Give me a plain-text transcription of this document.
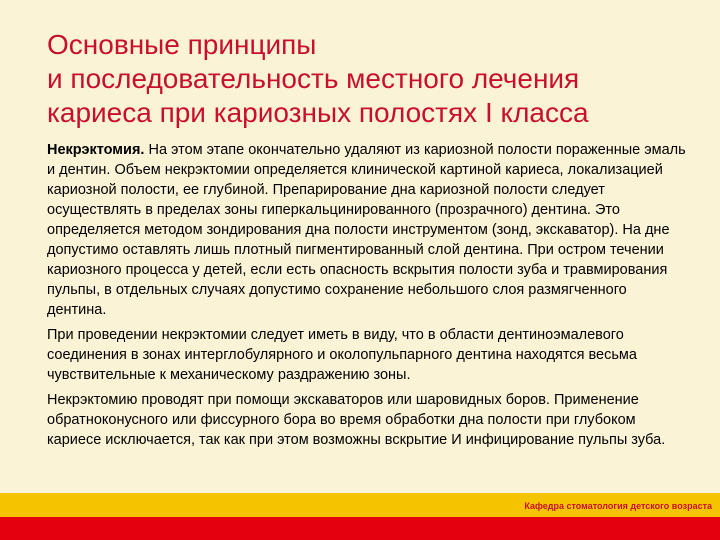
Основные принципы
и последовательность местного лечения
кариеса при кариозных полостях I класса

Некрэктомия. На этом этапе окончательно удаляют из кариозной полости пораженные эмаль и дентин. Объем некрэктомии определяется клинической картиной кариеса, локализацией кариозной полости, ее глубиной. Препарирование дна кариозной полости следует осуществлять в пределах зоны гиперкальцинированного (прозрачного) дентина. Это определяется методом зондирования дна полости инструментом (зонд, экскаватор). На дне допустимо оставлять лишь плотный пигментированный слой дентина. При остром течении кариозного процесса у детей, если есть опасность вскрытия полости зуба и травмирования пульпы, в отдельных случаях допустимо сохранение небольшого слоя размягченного дентина.

При проведении некрэктомии следует иметь в виду, что в области дентиноэмалевого соединения в зонах интерглобулярного и околопульпарного дентина находятся весьма чувствительные к механическому раздражению зоны.

Некрэктомию проводят при помощи экскаваторов или шаровидных боров. Применение обратноконусного или фиссурного бора во время обработки дна полости при глубоком кариесе исключается, так как при этом возможны вскрытие И инфицирование пульпы зуба.

Кафедра стоматология детского возраста
